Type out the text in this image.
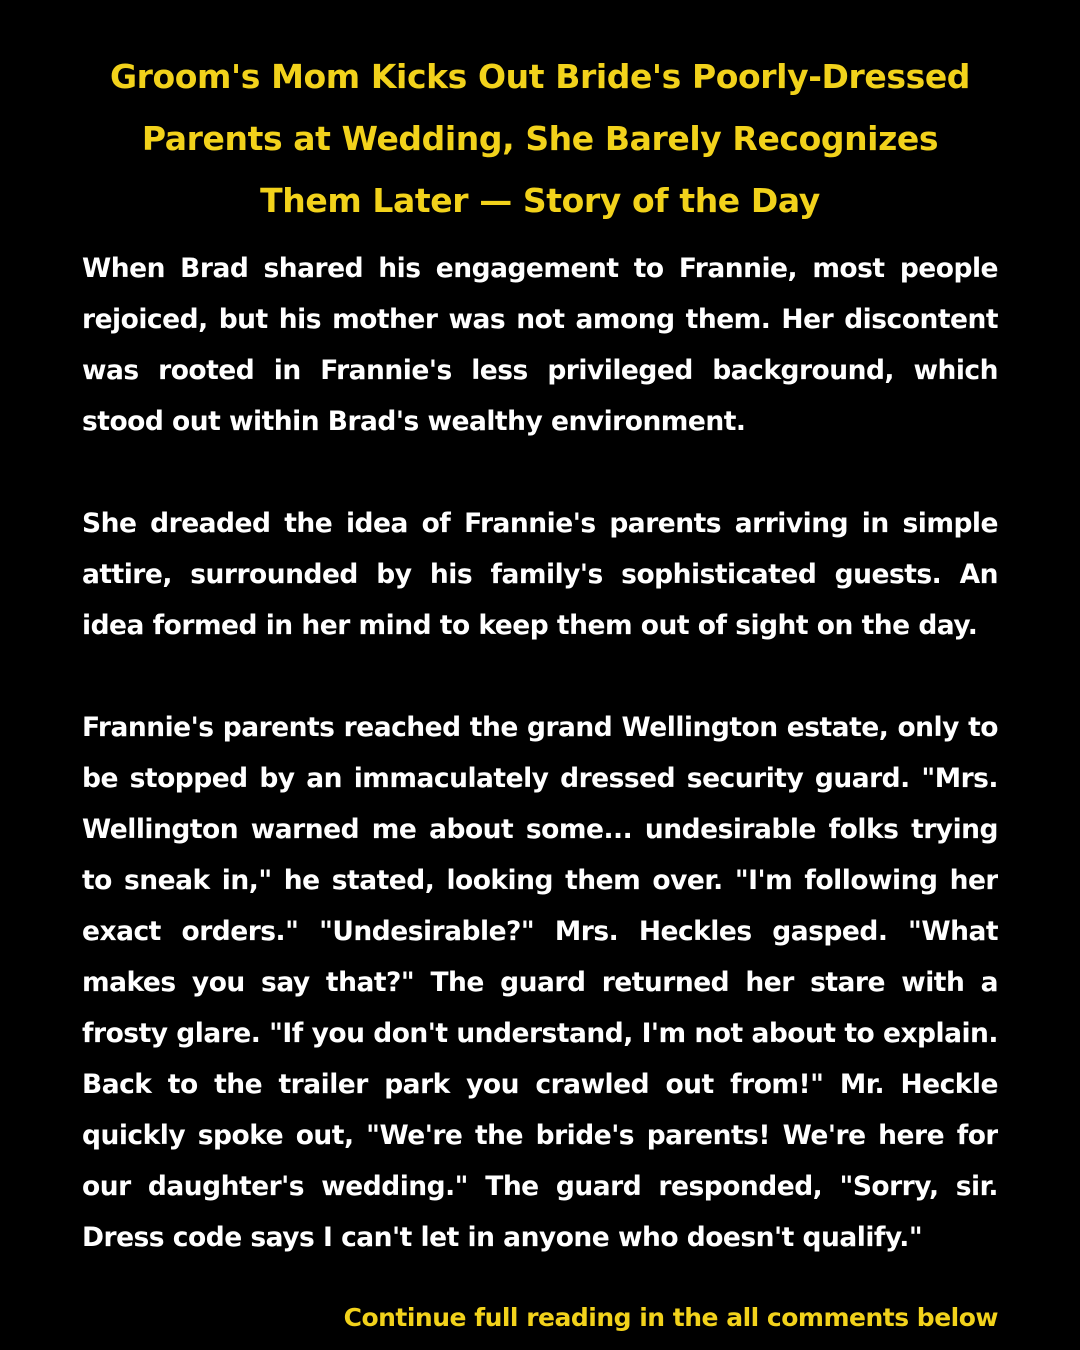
Groom's Mom Kicks Out Bride's Poorly-Dressed Parents at Wedding, She Barely Recognizes Them Later — Story of the Day

When Brad shared his engagement to Frannie, most people rejoiced, but his mother was not among them. Her discontent was rooted in Frannie's less privileged background, which stood out within Brad's wealthy environment.

She dreaded the idea of Frannie's parents arriving in simple attire, surrounded by his family's sophisticated guests. An idea formed in her mind to keep them out of sight on the day.

Frannie's parents reached the grand Wellington estate, only to be stopped by an immaculately dressed security guard. "Mrs. Wellington warned me about some... undesirable folks trying to sneak in," he stated, looking them over. "I'm following her exact orders." "Undesirable?" Mrs. Heckles gasped. "What makes you say that?" The guard returned her stare with a frosty glare. "If you don't understand, I'm not about to explain. Back to the trailer park you crawled out from!" Mr. Heckle quickly spoke out, "We're the bride's parents! We're here for our daughter's wedding." The guard responded, "Sorry, sir. Dress code says I can't let in anyone who doesn't qualify."

Continue full reading in the all comments below
